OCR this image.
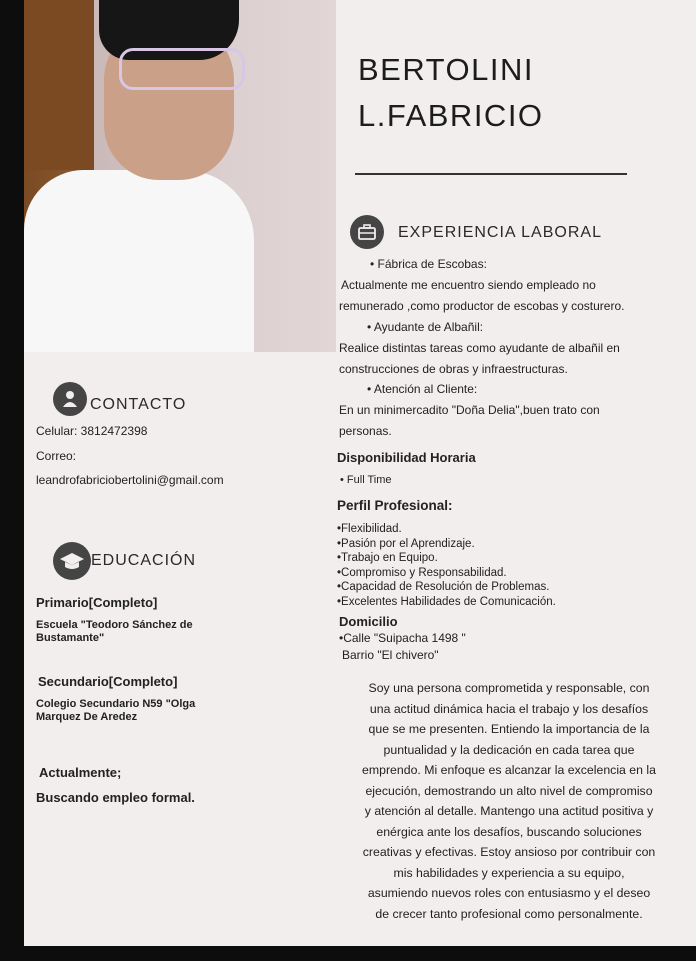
BERTOLINI
L.FABRICIO
CONTACTO
Celular: 3812472398
Correo:
leandrofabriciobertolini@gmail.com
EDUCACIÓN
Primario[Completo]
Escuela "Teodoro Sánchez de
Bustamante"
Secundario[Completo]
Colegio Secundario N59 "Olga
Marquez De Aredez
Actualmente;
Buscando empleo formal.
EXPERIENCIA LABORAL
• Fábrica de Escobas:
Actualmente me encuentro siendo empleado no
remunerado ,como productor de escobas y costurero.
• Ayudante de Albañil:
Realice distintas tareas como ayudante de albañil en
construcciones de obras y infraestructuras.
• Atención al Cliente:
En un minimercadito "Doña Delia",buen trato con
personas.
Disponibilidad Horaria
• Full Time
Perfil Profesional:
•Flexibilidad.
•Pasión por el Aprendizaje.
•Trabajo en Equipo.
•Compromiso y Responsabilidad.
•Capacidad de Resolución de Problemas.
•Excelentes Habilidades de Comunicación.
Domicilio
•Calle "Suipacha 1498 "
Barrio "El chivero"
Soy una persona comprometida y responsable, con
una actitud dinámica hacia el trabajo y los desafíos
que se me presenten. Entiendo la importancia de la
puntualidad y la dedicación en cada tarea que
emprendo. Mi enfoque es alcanzar la excelencia en la
ejecución, demostrando un alto nivel de compromiso
y atención al detalle. Mantengo una actitud positiva y
enérgica ante los desafíos, buscando soluciones
creativas y efectivas. Estoy ansioso por contribuir con
mis habilidades y experiencia a su equipo,
asumiendo nuevos roles con entusiasmo y el deseo
de crecer tanto profesional como personalmente.
